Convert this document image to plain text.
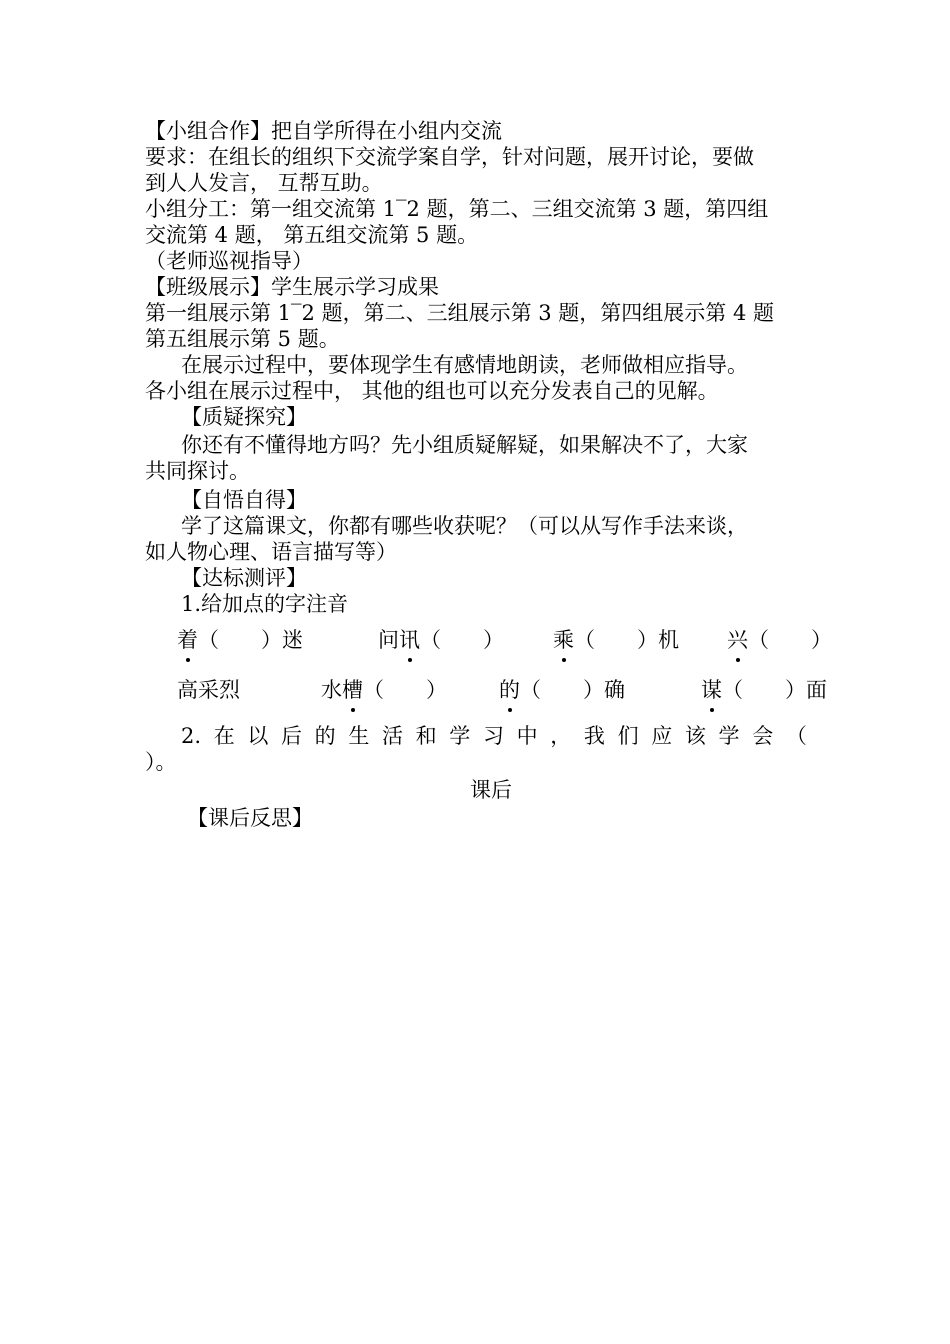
【小组合作】把自学所得在小组内交流
要求：在组长的组织下交流学案自学，针对问题，展开讨论，要做
到人人发言， 互帮互助。
小组分工：第一组交流第 1‾2 题，第二、三组交流第 3 题，第四组
交流第 4 题， 第五组交流第 5 题。
（老师巡视指导）
【班级展示】学生展示学习成果
第一组展示第 1‾2 题，第二、三组展示第 3 题，第四组展示第 4 题
第五组展示第 5 题。
在展示过程中，要体现学生有感情地朗读，老师做相应指导。
各小组在展示过程中， 其他的组也可以充分发表自己的见解。
【质疑探究】
你还有不懂得地方吗？先小组质疑解疑，如果解决不了，大家
共同探讨。
【自悟自得】
学了这篇课文，你都有哪些收获呢？（可以从写作手法来谈，
如人物心理、语言描写等）
【达标测评】
1.给加点的字注音
着（　　）迷	问讯（　　） 乘（　　）机 兴（　　）
高采烈	水槽（　　） 的（　　）确	谋（　　）面
2. 在 以 后 的 生 活 和 学 习 中 ， 我 们 应 该 学 会 （
）。
课后
【课后反思】
